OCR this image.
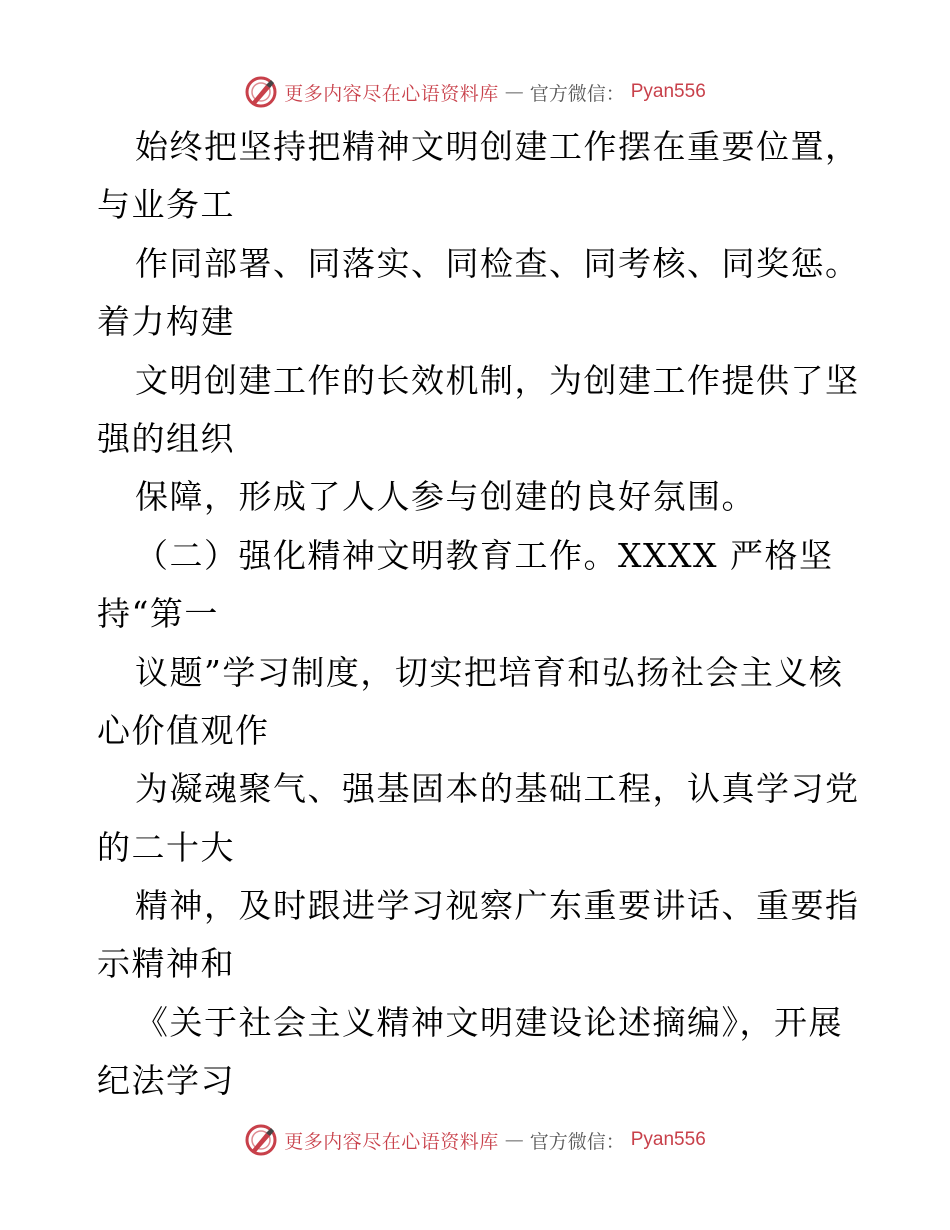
更多内容尽在心语资料库 — 官方微信： Pyan556
始终把坚持把精神文明创建工作摆在重要位置，
与业务工
作同部署、同落实、同检查、同考核、同奖惩。
着力构建
文明创建工作的长效机制，为创建工作提供了坚
强的组织
保障，形成了人人参与创建的良好氛围。
（二）强化精神文明教育工作。XXXX 严格坚
持“第一
议题”学习制度，切实把培育和弘扬社会主义核
心价值观作
为凝魂聚气、强基固本的基础工程，认真学习党
的二十大
精神，及时跟进学习视察广东重要讲话、重要指
示精神和
《关于社会主义精神文明建设论述摘编》，开展
纪法学习
更多内容尽在心语资料库 — 官方微信： Pyan556
